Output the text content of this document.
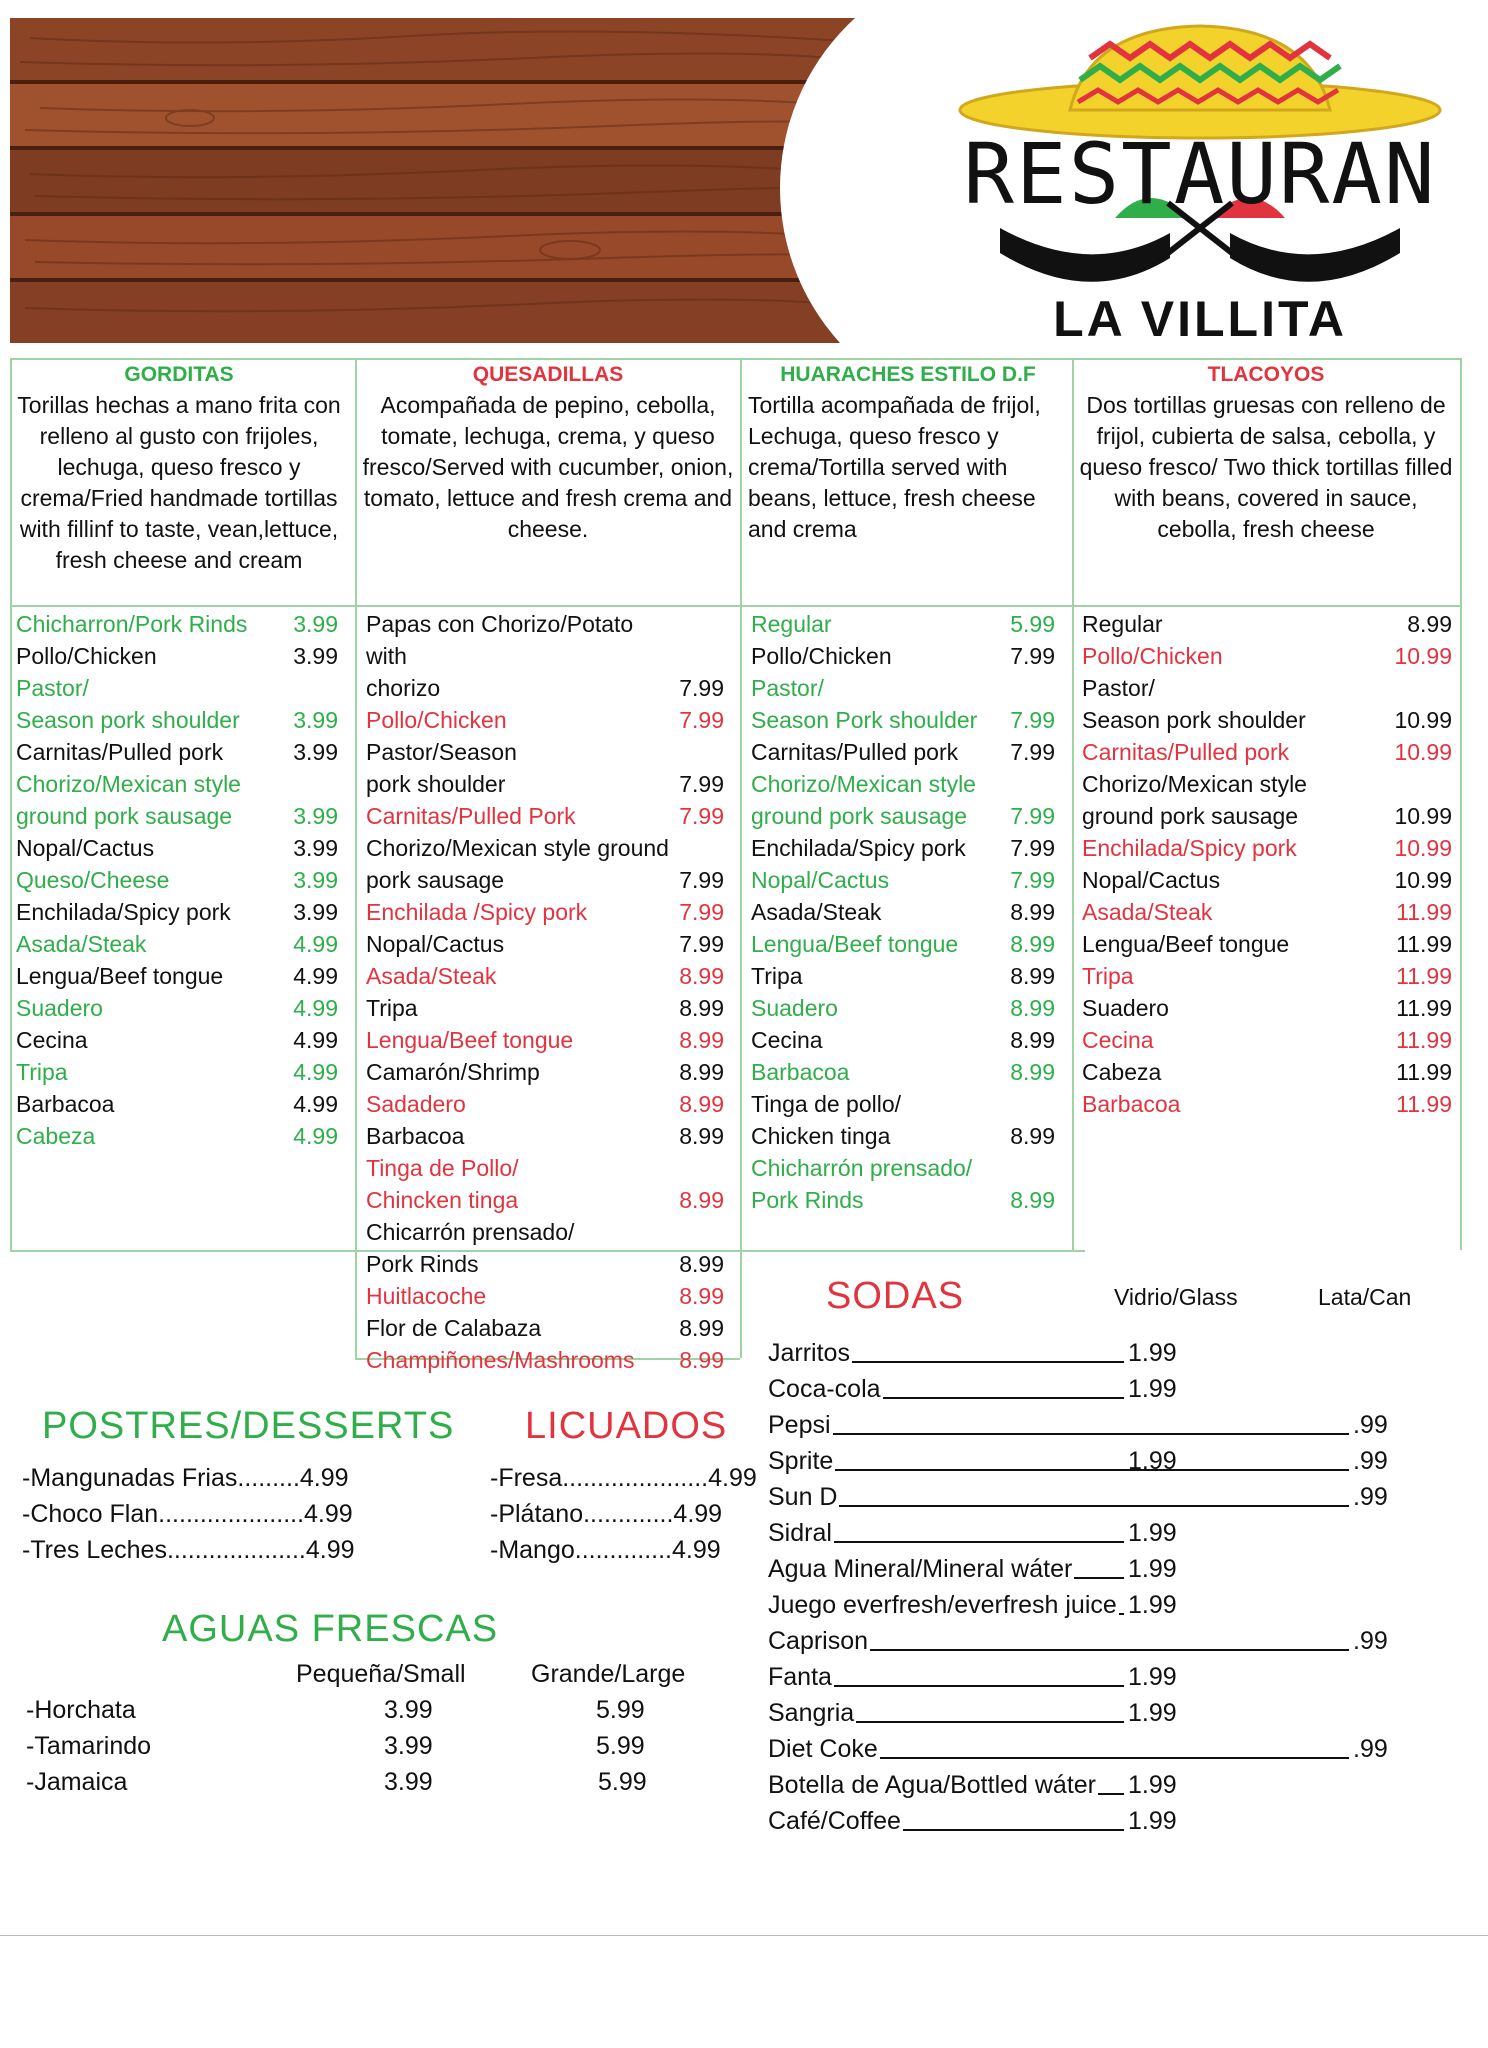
RESTAURAN
LA VILLITA
GORDITAS
Torillas hechas a mano frita con relleno al gusto con frijoles, lechuga, queso fresco y crema/Fried handmade tortillas with fillinf to taste, vean,lettuce, fresh cheese and cream
Chicharron/Pork Rinds 3.99
Pollo/Chicken	3.99
Pastor/
Season pork shoulder 3.99
Carnitas/Pulled pork	3.99
Chorizo/Mexican style
ground pork sausage	3.99
Nopal/Cactus	3.99
Queso/Cheese	3.99
Enchilada/Spicy pork	3.99
Asada/Steak	4.99
Lengua/Beef tongue	4.99
Suadero	4.99
Cecina	4.99
Tripa	4.99
Barbacoa	4.99
Cabeza	4.99
QUESADILLAS
Acompañada de pepino, cebolla, tomate, lechuga, crema, y queso fresco/Served with cucumber, onion, tomato, lettuce and fresh crema and cheese.
Papas con Chorizo/Potato with
chorizo	7.99
Pollo/Chicken	7.99
Pastor/Season
pork shoulder	7.99
Carnitas/Pulled Pork	7.99
Chorizo/Mexican style ground
pork sausage	7.99
Enchilada /Spicy pork	7.99
Nopal/Cactus	7.99
Asada/Steak	8.99
Tripa	8.99
Lengua/Beef tongue	8.99
Camarón/Shrimp	8.99
Sadadero	8.99
Barbacoa	8.99
Tinga de Pollo/
Chincken tinga	8.99
Chicarrón prensado/
Pork Rinds	8.99
Huitlacoche	8.99
Flor de Calabaza	8.99
Champiñones/Mashrooms 8.99
HUARACHES ESTILO D.F
Tortilla acompañada de frijol, Lechuga, queso fresco y crema/Tortilla served with beans, lettuce, fresh cheese and crema
Regular	5.99
Pollo/Chicken	7.99
Pastor/
Season Pork shoulder 7.99
Carnitas/Pulled pork 7.99
Chorizo/Mexican style
ground pork sausage	7.99
Enchilada/Spicy pork 7.99
Nopal/Cactus	7.99
Asada/Steak	8.99
Lengua/Beef tongue 8.99
Tripa	8.99
Suadero	8.99
Cecina	8.99
Barbacoa	8.99
Tinga de pollo/
Chicken tinga	8.99
Chicharrón prensado/
Pork Rinds	8.99
TLACOYOS
Dos tortillas gruesas con relleno de frijol, cubierta de salsa, cebolla, y queso fresco/ Two thick tortillas filled with beans, covered in sauce, cebolla, fresh cheese
Regular	8.99
Pollo/Chicken	10.99
Pastor/
Season pork shoulder	10.99
Carnitas/Pulled pork	10.99
Chorizo/Mexican style
ground pork sausage	10.99
Enchilada/Spicy pork	10.99
Nopal/Cactus	10.99
Asada/Steak	11.99
Lengua/Beef tongue	11.99
Tripa	11.99
Suadero	11.99
Cecina	11.99
Cabeza	11.99
Barbacoa	11.99
POSTRES/DESSERTS
-Mangunadas Frias.........4.99
-Choco Flan.....................4.99
-Tres Leches....................4.99
LICUADOS
-Fresa.....................4.99
-Plátano.............4.99
-Mango..............4.99
AGUAS FRESCAS
Pequeña/Small	Grande/Large
-Horchata	3.99	5.99
-Tamarindo	3.99	5.99
-Jamaica	3.99	5.99
SODAS	Vidrio/Glass	Lata/Can
Jarritos	1.99
Coca-cola	1.99
Pepsi	.99
Sprite	1.99	.99
Sun D	.99
Sidral	1.99
Agua Mineral/Mineral wáter 1.99
Juego everfresh/everfresh juice 1.99
Caprison	.99
Fanta	1.99
Sangria	1.99
Diet Coke	.99
Botella de Agua/Bottled wáter 1.99
Café/Coffee	1.99
